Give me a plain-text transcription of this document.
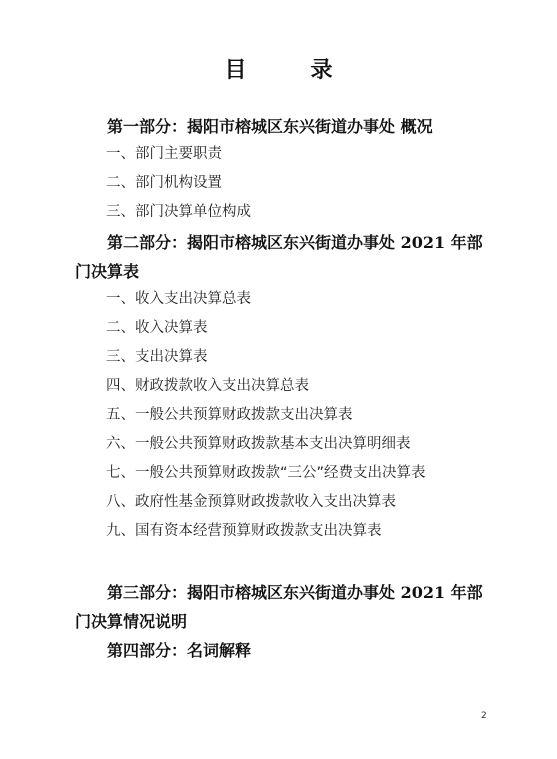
目	录
第一部分：揭阳市榕城区东兴街道办事处 概况
一、部门主要职责
二、部门机构设置
三、部门决算单位构成
第二部分：揭阳市榕城区东兴街道办事处 2021 年部门决算表
一、收入支出决算总表
二、收入决算表
三、支出决算表
四、财政拨款收入支出决算总表
五、一般公共预算财政拨款支出决算表
六、一般公共预算财政拨款基本支出决算明细表
七、一般公共预算财政拨款“三公”经费支出决算表
八、政府性基金预算财政拨款收入支出决算表
九、国有资本经营预算财政拨款支出决算表
第三部分：揭阳市榕城区东兴街道办事处 2021 年部门决算情况说明
第四部分：名词解释
2
